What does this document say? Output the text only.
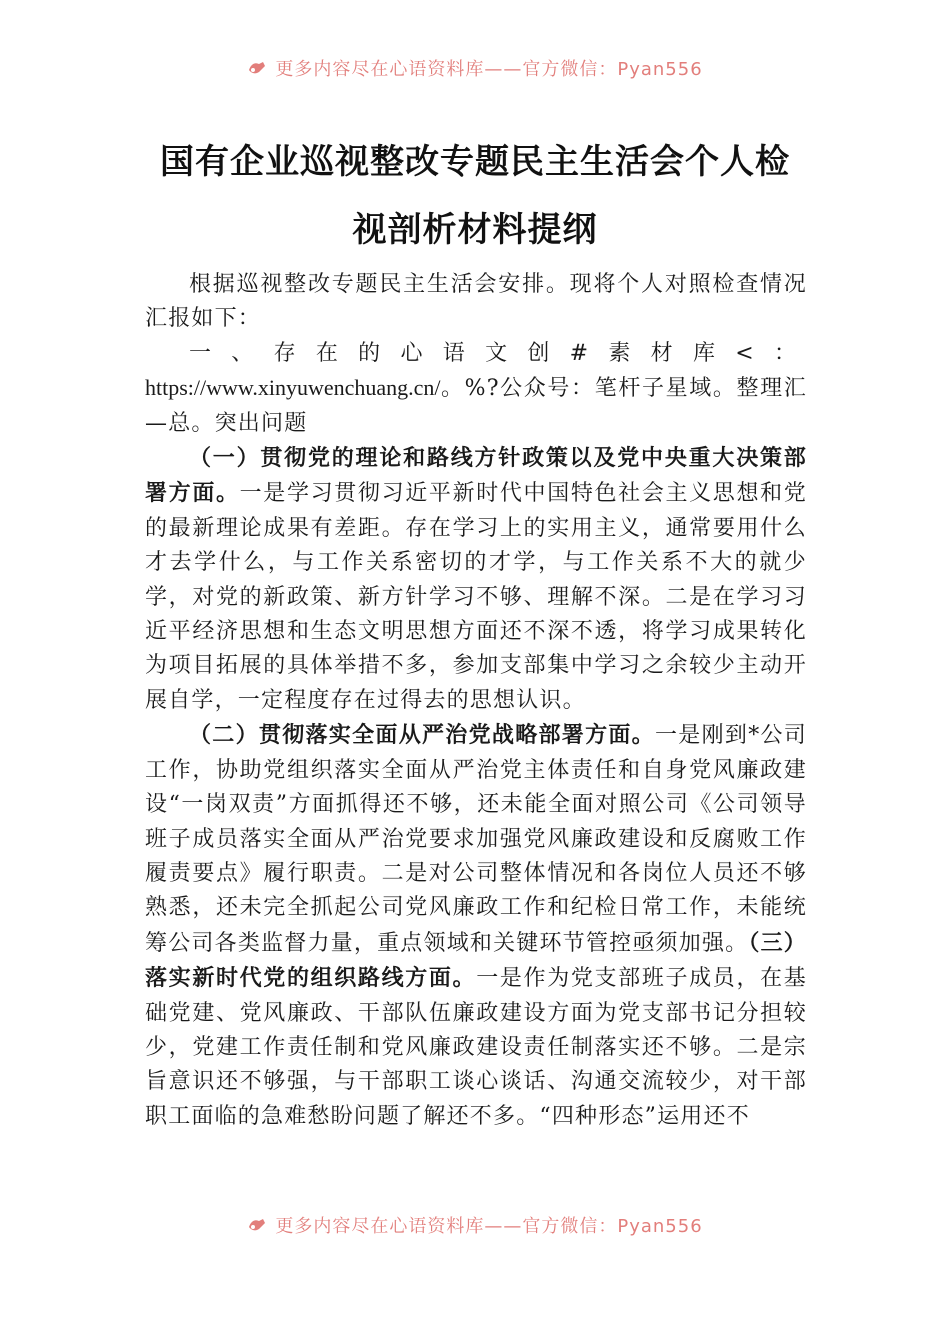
更多内容尽在心语资料库——官方微信：Pyan556
国有企业巡视整改专题民主生活会个人检
视剖析材料提纲

根据巡视整改专题民主生活会安排。现将个人对照检查情况汇报如下：

一、存在的心语文创#素材库<： https://www.xinyuwenchuang.cn/。%?公众号：笔杆子星域。整理汇—总。突出问题

（一）贯彻党的理论和路线方针政策以及党中央重大决策部署方面。一是学习贯彻习近平新时代中国特色社会主义思想和党的最新理论成果有差距。存在学习上的实用主义，通常要用什么才去学什么，与工作关系密切的才学，与工作关系不大的就少学，对党的新政策、新方针学习不够、理解不深。二是在学习习近平经济思想和生态文明思想方面还不深不透，将学习成果转化为项目拓展的具体举措不多，参加支部集中学习之余较少主动开展自学，一定程度存在过得去的思想认识。

（二）贯彻落实全面从严治党战略部署方面。一是刚到*公司工作，协助党组织落实全面从严治党主体责任和自身党风廉政建设“一岗双责”方面抓得还不够，还未能全面对照公司《公司领导班子成员落实全面从严治党要求加强党风廉政建设和反腐败工作履责要点》履行职责。二是对公司整体情况和各岗位人员还不够熟悉，还未完全抓起公司党风廉政工作和纪检日常工作，未能统筹公司各类监督力量，重点领域和关键环节管控亟须加强。（三）落实新时代党的组织路线方面。一是作为党支部班子成员，在基础党建、党风廉政、干部队伍廉政建设方面为党支部书记分担较少，党建工作责任制和党风廉政建设责任制落实还不够。二是宗旨意识还不够强，与干部职工谈心谈话、沟通交流较少，对干部职工面临的急难愁盼问题了解还不多。“四种形态”运用还不

更多内容尽在心语资料库——官方微信：Pyan556
